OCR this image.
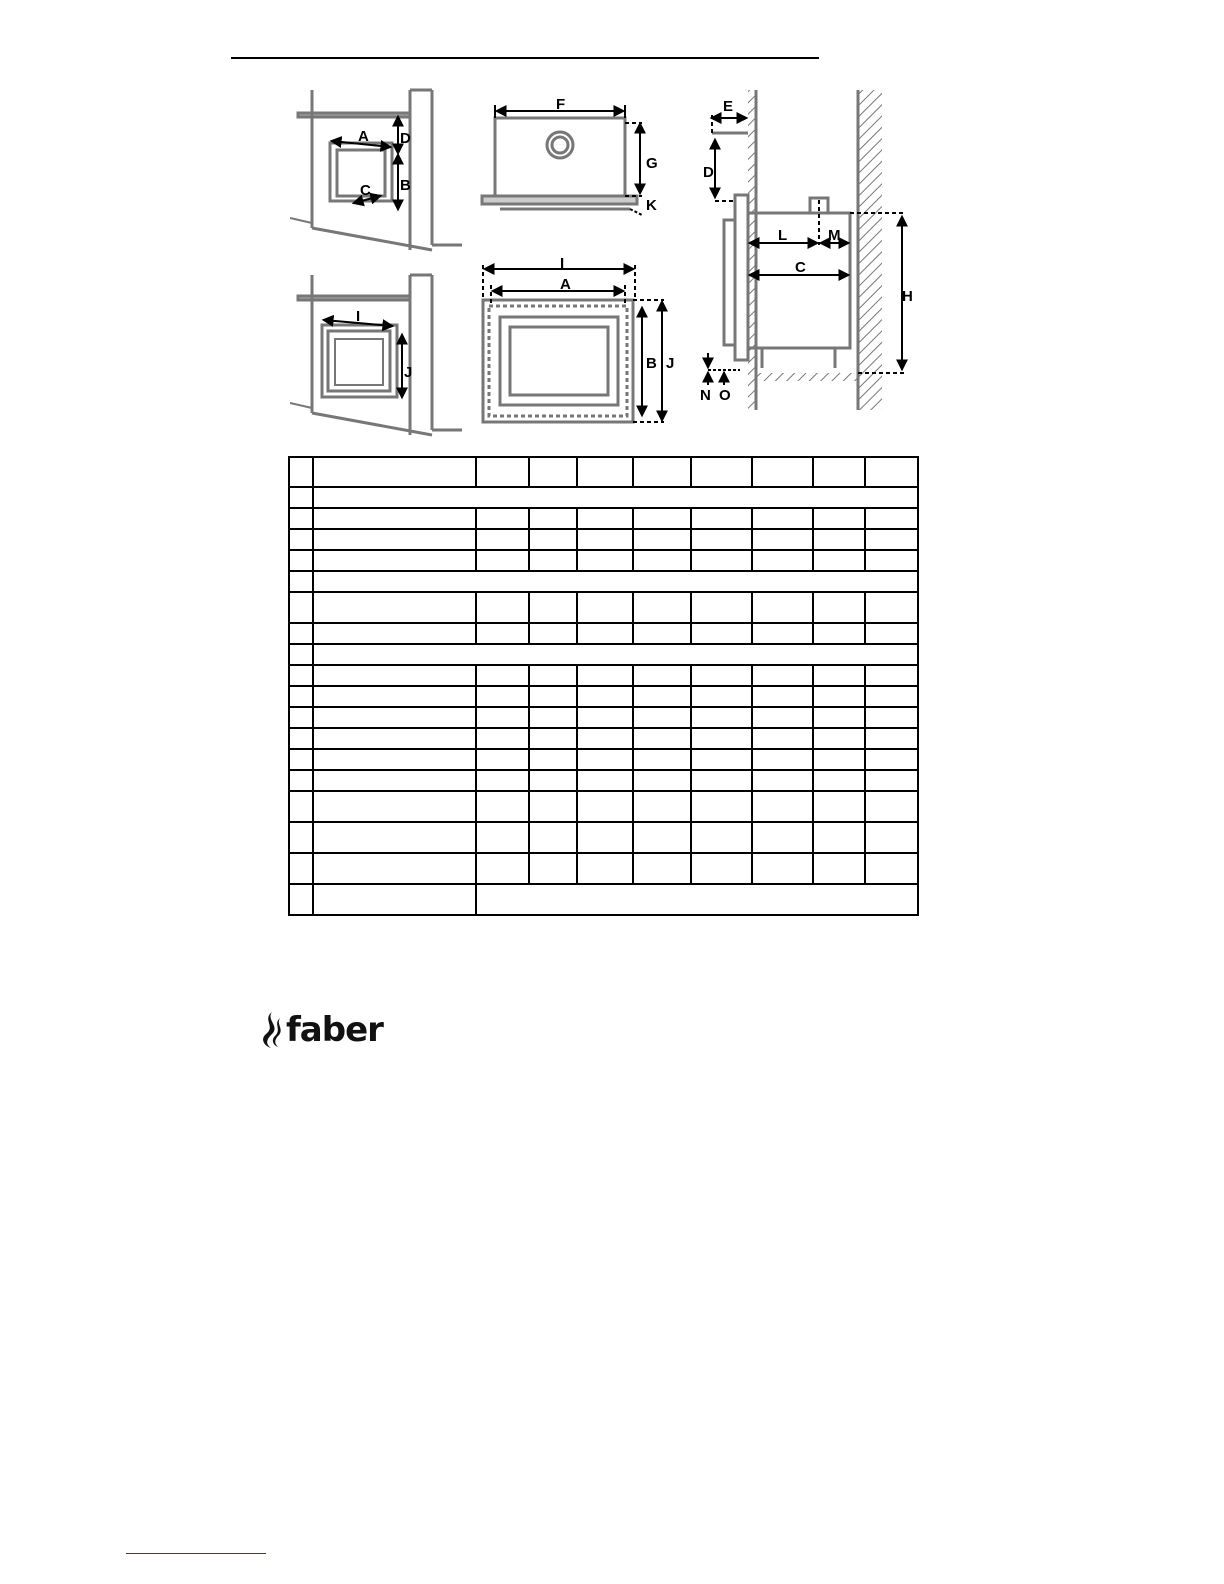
A D
B
C
I
J
F
G
K
I
A
B J
E
D
L	M
C
H
N O

faber
